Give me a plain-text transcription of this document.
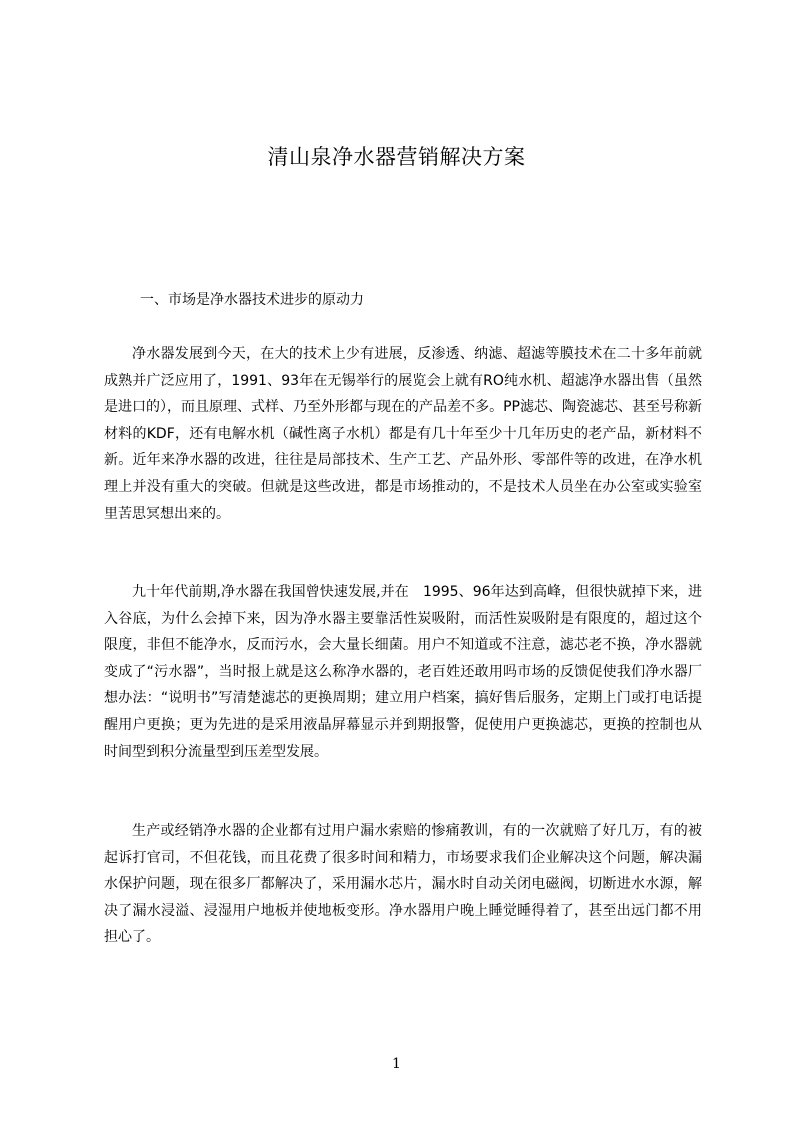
清山泉净水器营销解决方案
一、市场是净水器技术进步的原动力

净水器发展到今天，在大的技术上少有进展，反渗透、纳滤、超滤等膜技术在二十多年前就成熟并广泛应用了，1991、93年在无锡举行的展览会上就有RO纯水机、超滤净水器出售（虽然是进口的），而且原理、式样、乃至外形都与现在的产品差不多。PP滤芯、陶瓷滤芯、甚至号称新材料的KDF，还有电解水机（碱性离子水机）都是有几十年至少十几年历史的老产品，新材料不新。近年来净水器的改进，往往是局部技术、生产工艺、产品外形、零部件等的改进，在净水机理上并没有重大的突破。但就是这些改进，都是市场推动的，不是技术人员坐在办公室或实验室里苦思冥想出来的。

九十年代前期,净水器在我国曾快速发展,并在　1995、96年达到高峰，但很快就掉下来，进入谷底，为什么会掉下来，因为净水器主要靠活性炭吸附，而活性炭吸附是有限度的，超过这个限度，非但不能净水，反而污水，会大量长细菌。用户不知道或不注意，滤芯老不换，净水器就变成了“污水器”，当时报上就是这么称净水器的，老百姓还敢用吗市场的反馈促使我们净水器厂想办法：“说明书”写清楚滤芯的更换周期；建立用户档案，搞好售后服务，定期上门或打电话提醒用户更换；更为先进的是采用液晶屏幕显示并到期报警，促使用户更换滤芯，更换的控制也从时间型到积分流量型到压差型发展。

生产或经销净水器的企业都有过用户漏水索赔的惨痛教训，有的一次就赔了好几万，有的被起诉打官司，不但花钱，而且花费了很多时间和精力，市场要求我们企业解决这个问题，解决漏水保护问题，现在很多厂都解决了，采用漏水芯片，漏水时自动关闭电磁阀，切断进水水源，解决了漏水浸溢、浸湿用户地板并使地板变形。净水器用户晚上睡觉睡得着了，甚至出远门都不用担心了。

1
